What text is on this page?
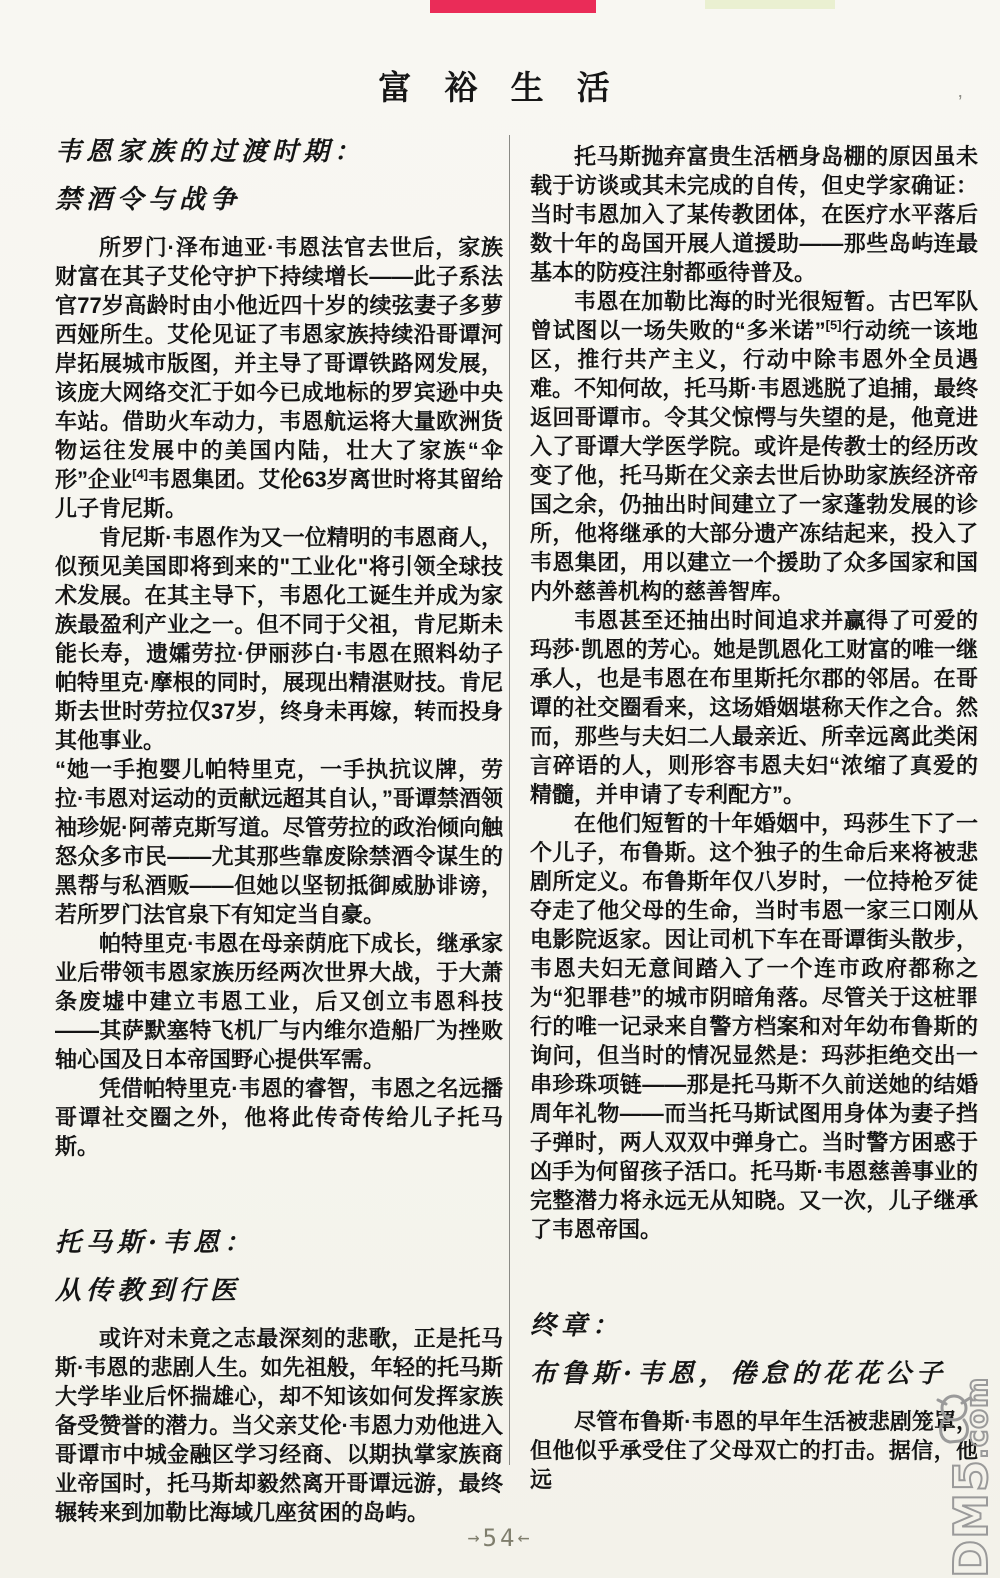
富 裕 生 活	’
韦恩家族的过渡时期：
禁酒令与战争

所罗门·泽布迪亚·韦恩法官去世后，家族财富在其子艾伦守护下持续增长——此子系法官77岁高龄时由小他近四十岁的续弦妻子多萝西娅所生。艾伦见证了韦恩家族持续沿哥谭河岸拓展城市版图，并主导了哥谭铁路网发展，该庞大网络交汇于如今已成地标的罗宾逊中央车站。借助火车动力，韦恩航运将大量欧洲货物运往发展中的美国内陆，壮大了家族“伞形”企业[4]韦恩集团。艾伦63岁离世时将其留给儿子肯尼斯。

肯尼斯·韦恩作为又一位精明的韦恩商人，似预见美国即将到来的"工业化"将引领全球技术发展。在其主导下，韦恩化工诞生并成为家族最盈利产业之一。但不同于父祖，肯尼斯未能长寿，遗孀劳拉·伊丽莎白·韦恩在照料幼子帕特里克·摩根的同时，展现出精湛财技。肯尼斯去世时劳拉仅37岁，终身未再嫁，转而投身其他事业。

“她一手抱婴儿帕特里克，一手执抗议牌，劳拉·韦恩对运动的贡献远超其自认，”哥谭禁酒领袖珍妮·阿蒂克斯写道。尽管劳拉的政治倾向触怒众多市民——尤其那些靠废除禁酒令谋生的黑帮与私酒贩——但她以坚韧抵御威胁诽谤，若所罗门法官泉下有知定当自豪。

帕特里克·韦恩在母亲荫庇下成长，继承家业后带领韦恩家族历经两次世界大战，于大萧条废墟中建立韦恩工业，后又创立韦恩科技——其萨默塞特飞机厂与内维尔造船厂为挫败轴心国及日本帝国野心提供军需。

凭借帕特里克·韦恩的睿智，韦恩之名远播哥谭社交圈之外，他将此传奇传给儿子托马斯。

托马斯·韦恩：
从传教到行医

或许对未竟之志最深刻的悲歌，正是托马斯·韦恩的悲剧人生。如先祖般，年轻的托马斯大学毕业后怀揣雄心，却不知该如何发挥家族备受赞誉的潜力。当父亲艾伦·韦恩力劝他进入哥谭市中城金融区学习经商、以期执掌家族商业帝国时，托马斯却毅然离开哥谭远游，最终辗转来到加勒比海域几座贫困的岛屿。

托马斯抛弃富贵生活栖身岛棚的原因虽未载于访谈或其未完成的自传，但史学家确证：当时韦恩加入了某传教团体，在医疗水平落后数十年的岛国开展人道援助——那些岛屿连最基本的防疫注射都亟待普及。

韦恩在加勒比海的时光很短暂。古巴军队曾试图以一场失败的“多米诺”[5]行动统一该地区，推行共产主义，行动中除韦恩外全员遇难。不知何故，托马斯·韦恩逃脱了追捕，最终返回哥谭市。令其父惊愕与失望的是，他竟进入了哥谭大学医学院。或许是传教士的经历改变了他，托马斯在父亲去世后协助家族经济帝国之余，仍抽出时间建立了一家蓬勃发展的诊所，他将继承的大部分遗产冻结起来，投入了韦恩集团，用以建立一个援助了众多国家和国内外慈善机构的慈善智库。

韦恩甚至还抽出时间追求并赢得了可爱的玛莎·凯恩的芳心。她是凯恩化工财富的唯一继承人，也是韦恩在布里斯托尔郡的邻居。在哥谭的社交圈看来，这场婚姻堪称天作之合。然而，那些与夫妇二人最亲近、所幸远离此类闲言碎语的人，则形容韦恩夫妇“浓缩了真爱的精髓，并申请了专利配方”。

在他们短暂的十年婚姻中，玛莎生下了一个儿子，布鲁斯。这个独子的生命后来将被悲剧所定义。布鲁斯年仅八岁时，一位持枪歹徒夺走了他父母的生命，当时韦恩一家三口刚从电影院返家。因让司机下车在哥谭街头散步，韦恩夫妇无意间踏入了一个连市政府都称之为“犯罪巷”的城市阴暗角落。尽管关于这桩罪行的唯一记录来自警方档案和对年幼布鲁斯的询问，但当时的情况显然是：玛莎拒绝交出一串珍珠项链——那是托马斯不久前送她的结婚周年礼物——而当托马斯试图用身体为妻子挡子弹时，两人双双中弹身亡。当时警方困惑于凶手为何留孩子活口。托马斯·韦恩慈善事业的完整潜力将永远无从知晓。又一次，儿子继承了韦恩帝国。

终章：
布鲁斯·韦恩，倦怠的花花公子

尽管布鲁斯·韦恩的早年生活被悲剧笼罩，但他似乎承受住了父母双亡的打击。据信，他远

→54←	DM5.com
